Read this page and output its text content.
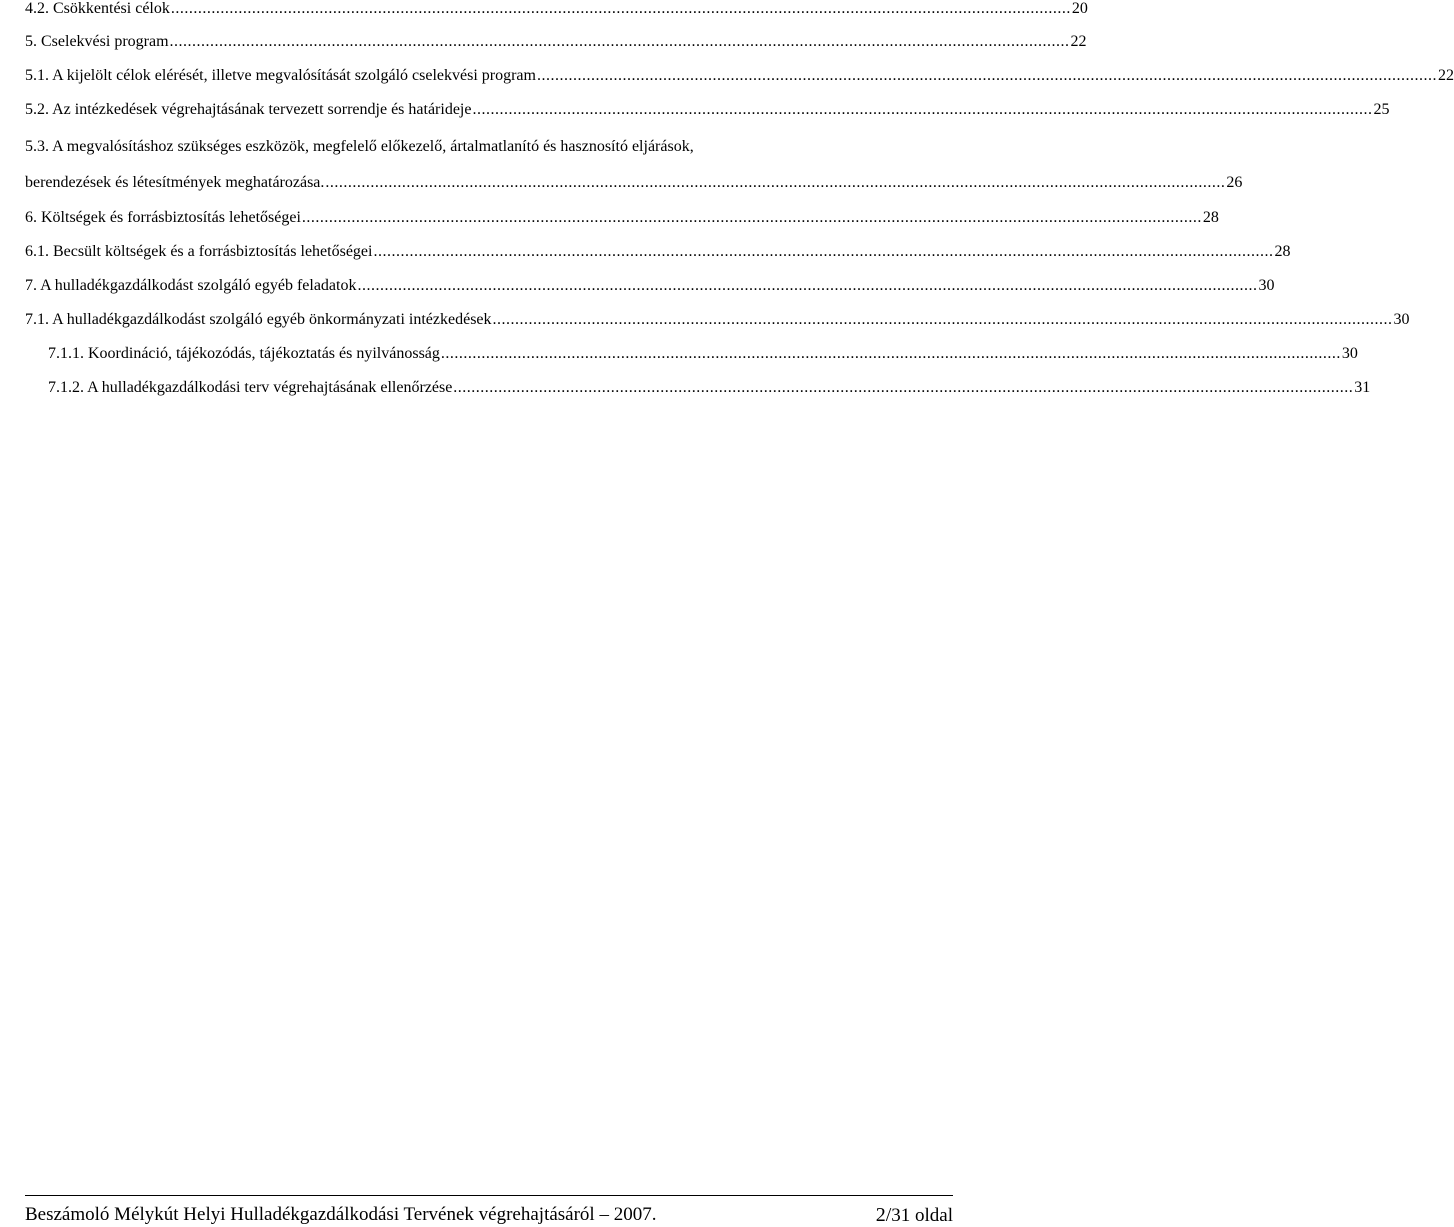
4.2. Csökkentési célok ........................................................................................................................................................................................................ 20
5. Cselekvési program ........................................................................................................................................................................................................ 22
5.1. A kijelölt célok elérését, illetve megvalósítását szolgáló cselekvési program ........................................................................................................................................................................................................ 22
5.2. Az intézkedések végrehajtásának tervezett sorrendje és határideje ........................................................................................................................................................................................................ 25
5.3. A megvalósításhoz szükséges eszközök, megfelelő előkezelő, ártalmatlanító és hasznosító eljárások,
berendezések és létesítmények meghatározása. ........................................................................................................................................................................................................ 26
6. Költségek és forrásbiztosítás lehetőségei ........................................................................................................................................................................................................ 28
6.1. Becsült költségek és a forrásbiztosítás lehetőségei ........................................................................................................................................................................................................ 28
7. A hulladékgazdálkodást szolgáló egyéb feladatok ........................................................................................................................................................................................................ 30
7.1. A hulladékgazdálkodást szolgáló egyéb önkormányzati intézkedések ........................................................................................................................................................................................................ 30
7.1.1. Koordináció, tájékozódás, tájékoztatás és nyilvánosság ........................................................................................................................................................................................................ 30
7.1.2. A hulladékgazdálkodási terv végrehajtásának ellenőrzése ........................................................................................................................................................................................................ 31
Beszámoló Mélykút Helyi Hulladékgazdálkodási Tervének végrehajtásáról – 2007.	2/31 oldal
